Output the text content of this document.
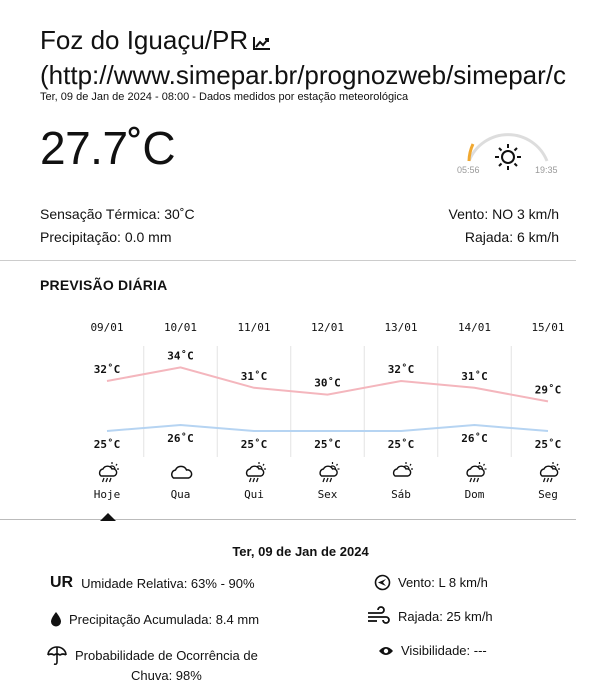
Foz do Iguaçu/PR
(http://www.simepar.br/prognozweb/simepar/c
Ter, 09 de Jan de 2024 - 08:00 - Dados medidos por estação meteorológica
27.7˚C	05:56	19:35
Sensação Térmica: 30˚C
Precipitação: 0.0 mm
Vento: NO 3 km/h
Rajada: 6 km/h
PREVISÃO DIÁRIA
09/01
32˚C
25˚C
Hoje
10/01
34˚C
26˚C
Qua
11/01
31˚C
25˚C
Qui
12/01
30˚C
25˚C
Sex
13/01
32˚C
25˚C
Sáb
14/01
31˚C
26˚C
Dom
15/01
29˚C
25˚C
Seg
Ter, 09 de Jan de 2024
UR Umidade Relativa: 63% - 90%
Precipitação Acumulada: 8.4 mm
Probabilidade de Ocorrência de
Chuva: 98%
Vento: L 8 km/h
Rajada: 25 km/h
Visibilidade: ---
